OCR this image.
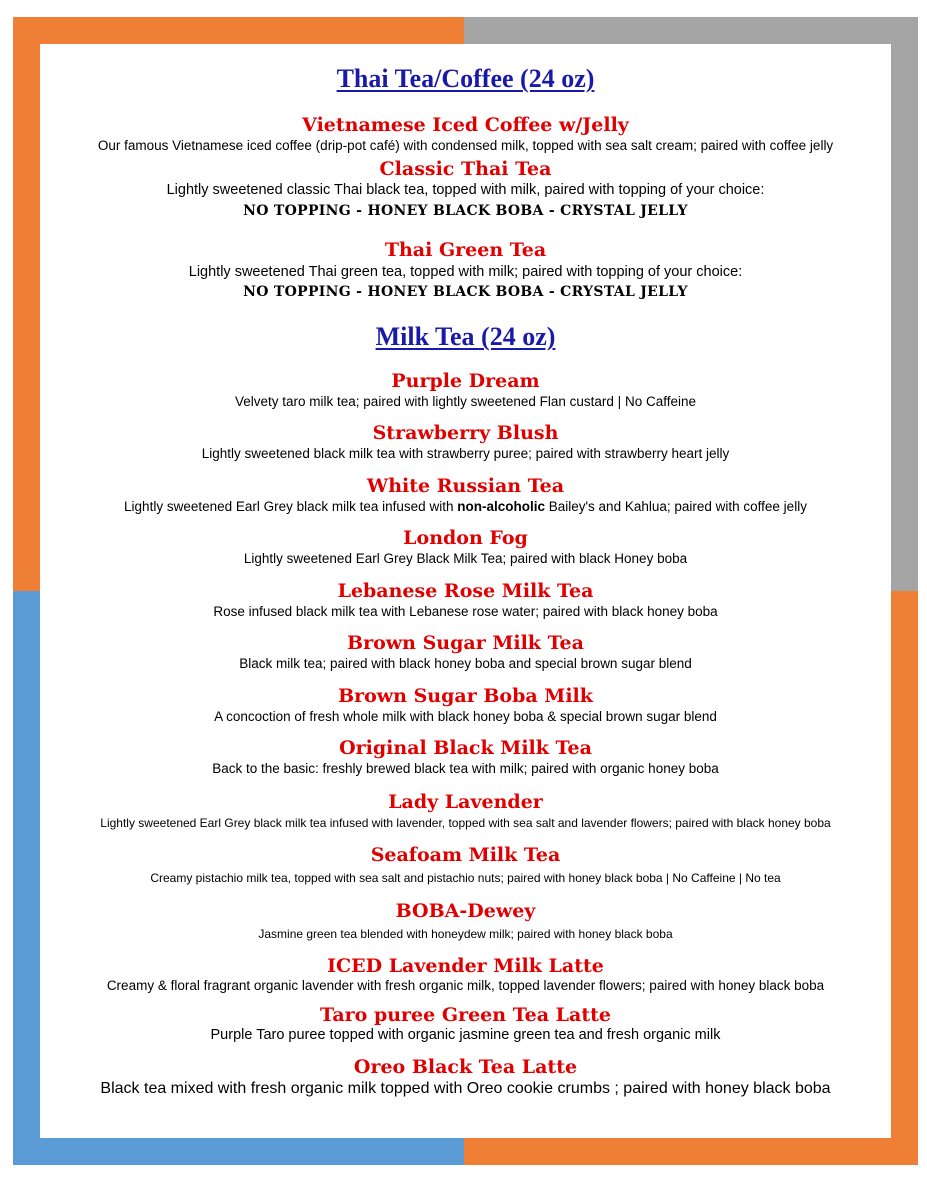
Thai Tea/Coffee (24 oz)
Vietnamese Iced Coffee w/Jelly
Our famous Vietnamese iced coffee (drip-pot café) with condensed milk, topped with sea salt cream; paired with coffee jelly
Classic Thai Tea
Lightly sweetened classic Thai black tea, topped with milk, paired with topping of your choice:
NO TOPPING - HONEY BLACK BOBA - CRYSTAL JELLY
Thai Green Tea
Lightly sweetened Thai green tea, topped with milk; paired with topping of your choice:
NO TOPPING - HONEY BLACK BOBA - CRYSTAL JELLY
Milk Tea (24 oz)
Purple Dream
Velvety taro milk tea; paired with lightly sweetened Flan custard | No Caffeine
Strawberry Blush
Lightly sweetened black milk tea with strawberry puree; paired with strawberry heart jelly
White Russian Tea
Lightly sweetened Earl Grey black milk tea infused with non-alcoholic Bailey's and Kahlua; paired with coffee jelly
London Fog
Lightly sweetened Earl Grey Black Milk Tea; paired with black Honey boba
Lebanese Rose Milk Tea
Rose infused black milk tea with Lebanese rose water; paired with black honey boba
Brown Sugar Milk Tea
Black milk tea; paired with black honey boba and special brown sugar blend
Brown Sugar Boba Milk
A concoction of fresh whole milk with black honey boba & special brown sugar blend
Original Black Milk Tea
Back to the basic: freshly brewed black tea with milk; paired with organic honey boba
Lady Lavender
Lightly sweetened Earl Grey black milk tea infused with lavender, topped with sea salt and lavender flowers; paired with black honey boba
Seafoam Milk Tea
Creamy pistachio milk tea, topped with sea salt and pistachio nuts; paired with honey black boba | No Caffeine | No tea
BOBA-Dewey
Jasmine green tea blended with honeydew milk; paired with honey black boba
ICED Lavender Milk Latte
Creamy & floral fragrant organic lavender with fresh organic milk, topped lavender flowers; paired with honey black boba
Taro puree Green Tea Latte
Purple Taro puree topped with organic jasmine green tea and fresh organic milk
Oreo Black Tea Latte
Black tea mixed with fresh organic milk topped with Oreo cookie crumbs ; paired with honey black boba
